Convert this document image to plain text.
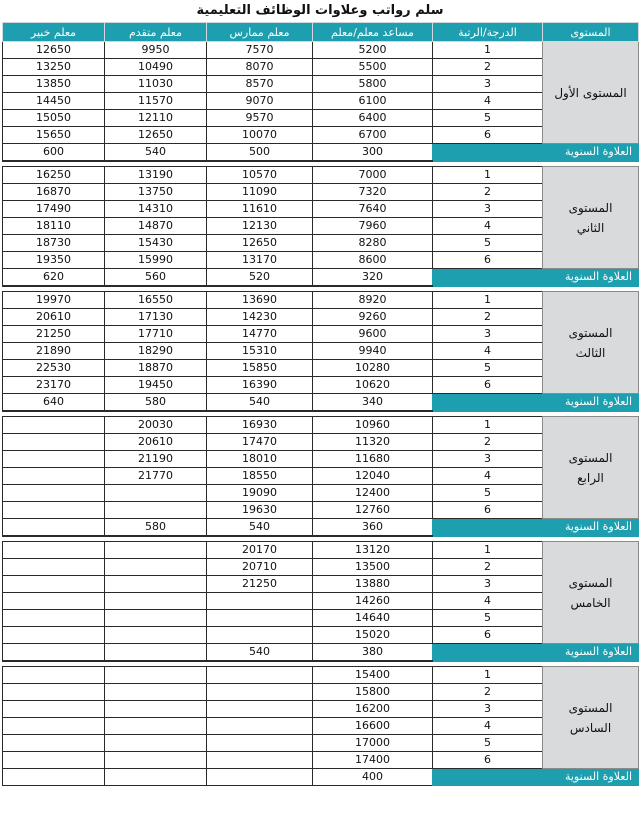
سلم رواتب وعلاوات الوظائف التعليمية
المستوى	الدرجة/الرتبة	مساعد معلم/معلم	معلم ممارس	معلم متقدم	معلم خبير
المستوى الأول	1	5200	7570	9950	12650
	2	5500	8070	10490	13250
	3	5800	8570	11030	13850
	4	6100	9070	11570	14450
	5	6400	9570	12110	15050
	6	6700	10070	12650	15650
العلاوة السنوية		300	500	540	600

المستوى
الثاني	1	7000	10570	13190	16250
	2	7320	11090	13750	16870
	3	7640	11610	14310	17490
	4	7960	12130	14870	18110
	5	8280	12650	15430	18730
	6	8600	13170	15990	19350
العلاوة السنوية		320	520	560	620

المستوى
الثالث	1	8920	13690	16550	19970
	2	9260	14230	17130	20610
	3	9600	14770	17710	21250
	4	9940	15310	18290	21890
	5	10280	15850	18870	22530
	6	10620	16390	19450	23170
العلاوة السنوية		340	540	580	640

المستوى
الرابع	1	10960	16930	20030	
	2	11320	17470	20610	
	3	11680	18010	21190	
	4	12040	18550	21770	
	5	12400	19090		
	6	12760	19630		
العلاوة السنوية		360	540	580	

المستوى
الخامس	1	13120	20170		
	2	13500	20710		
	3	13880	21250		
	4	14260			
	5	14640			
	6	15020			
العلاوة السنوية		380	540		

المستوى
السادس	1	15400			
	2	15800			
	3	16200			
	4	16600			
	5	17000			
	6	17400			
العلاوة السنوية		400			
